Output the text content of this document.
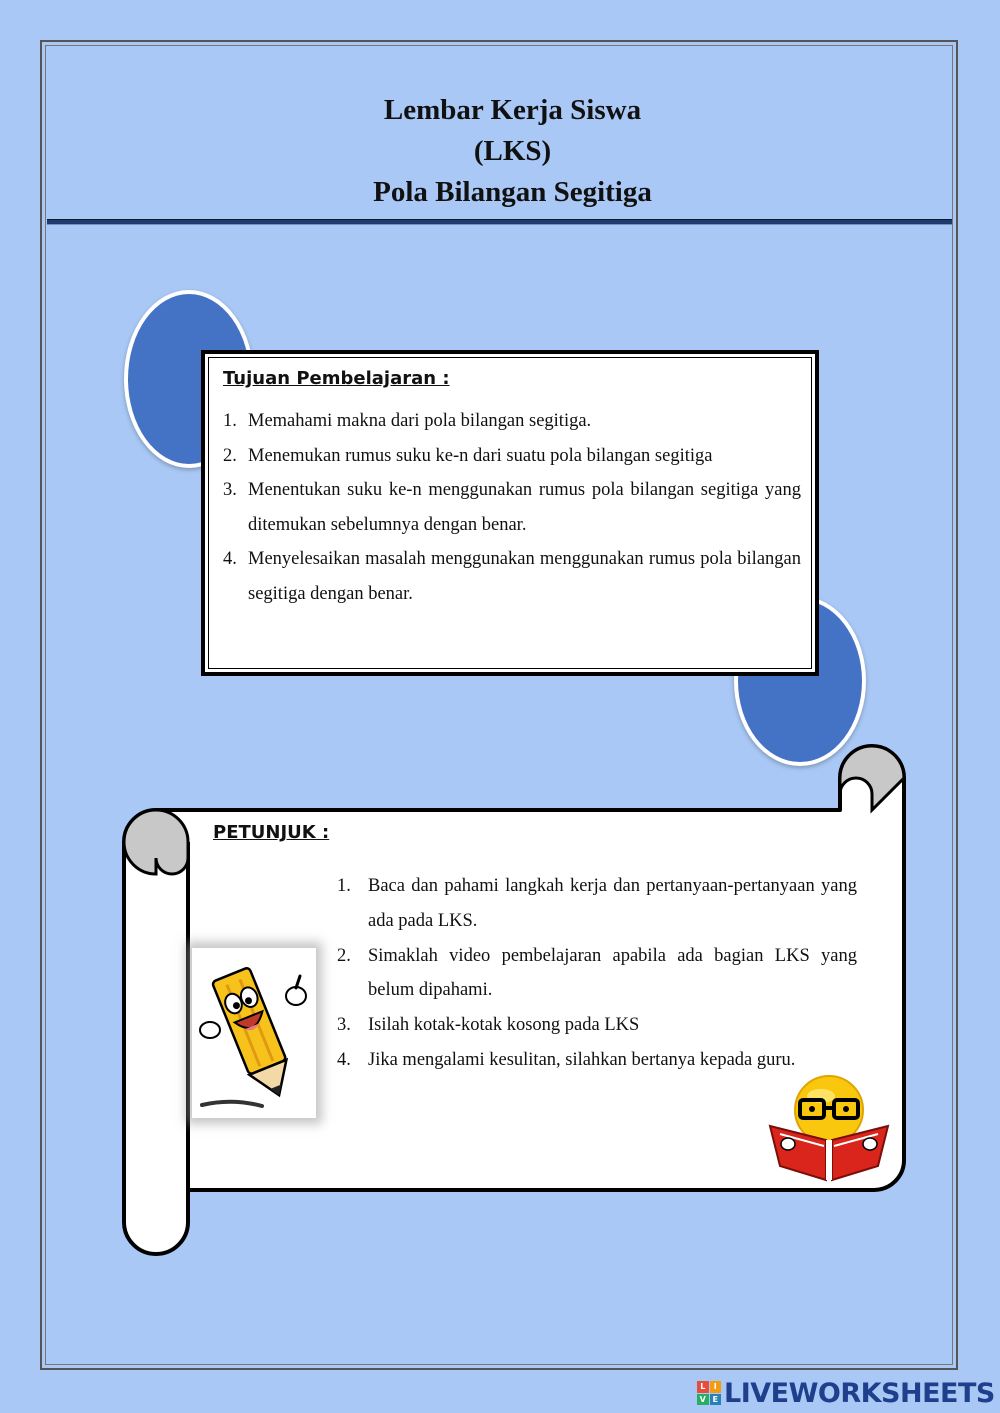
Lembar Kerja Siswa
(LKS)
Pola Bilangan Segitiga
Tujuan Pembelajaran :
1. Memahami makna dari pola bilangan segitiga.
2. Menemukan rumus suku ke-n dari suatu pola bilangan segitiga
3. Menentukan suku ke-n menggunakan rumus pola bilangan segitiga yang ditemukan sebelumnya dengan benar.
4. Menyelesaikan masalah menggunakan menggunakan rumus pola bilangan segitiga dengan benar.
PETUNJUK :
1. Baca dan pahami langkah kerja dan pertanyaan-pertanyaan yang ada pada LKS.
2. Simaklah video pembelajaran apabila ada bagian LKS yang belum dipahami.
3. Isilah kotak-kotak kosong pada LKS
4. Jika mengalami kesulitan, silahkan bertanya kepada guru.
L	I
V E LIVEWORKSHEETS
